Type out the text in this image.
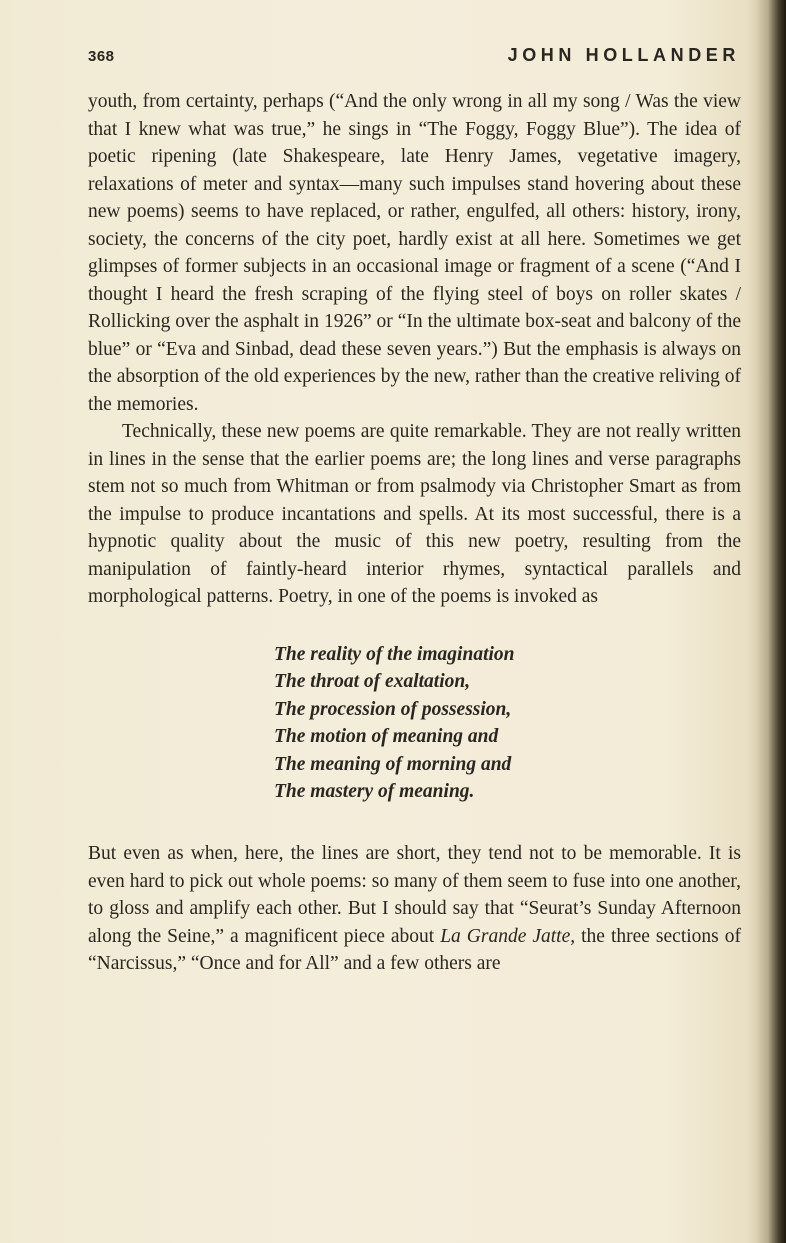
368	JOHN HOLLANDER

youth, from certainty, perhaps (“And the only wrong in all my song / Was the view that I knew what was true,” he sings in “The Foggy, Foggy Blue”). The idea of poetic ripening (late Shakespeare, late Henry James, vegetative imagery, relaxations of meter and syntax—many such impulses stand hovering about these new poems) seems to have replaced, or rather, engulfed, all others: history, irony, society, the concerns of the city poet, hardly exist at all here. Sometimes we get glimpses of former subjects in an occasional image or fragment of a scene (“And I thought I heard the fresh scraping of the flying steel of boys on roller skates / Rollicking over the asphalt in 1926” or “In the ultimate box-seat and balcony of the blue” or “Eva and Sinbad, dead these seven years.”) But the emphasis is always on the absorption of the old experiences by the new, rather than the creative reliving of the memories.

Technically, these new poems are quite remarkable. They are not really written in lines in the sense that the earlier poems are; the long lines and verse paragraphs stem not so much from Whitman or from psalmody via Christopher Smart as from the impulse to produce incantations and spells. At its most successful, there is a hypnotic quality about the music of this new poetry, resulting from the manipulation of faintly-heard interior rhymes, syntactical parallels and morphological patterns. Poetry, in one of the poems is invoked as

The reality of the imagination
The throat of exaltation,
The procession of possession,
The motion of meaning and
The meaning of morning and
The mastery of meaning.

But even as when, here, the lines are short, they tend not to be memorable. It is even hard to pick out whole poems: so many of them seem to fuse into one another, to gloss and amplify each other. But I should say that “Seurat’s Sunday Afternoon along the Seine,” a magnificent piece about La Grande Jatte, the three sections of “Narcissus,” “Once and for All” and a few others are
